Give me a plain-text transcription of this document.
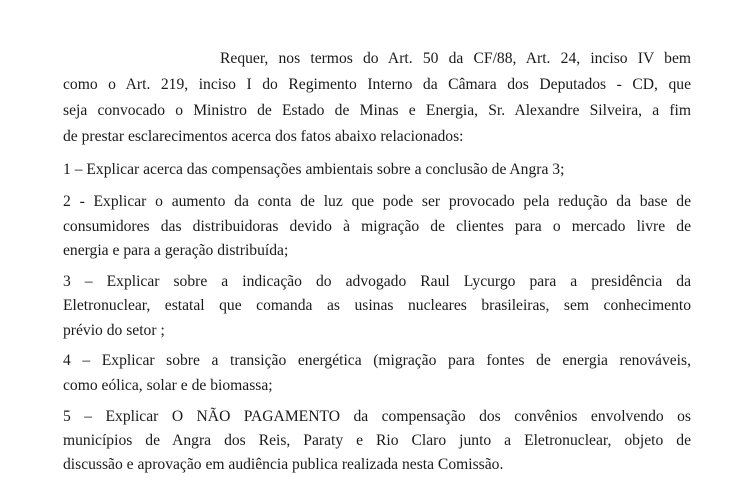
Requer, nos termos do Art. 50 da CF/88, Art. 24, inciso IV bem
como o Art. 219, inciso I do Regimento Interno da Câmara dos Deputados - CD, que
seja convocado o Ministro de Estado de Minas e Energia, Sr. Alexandre Silveira, a fim
de prestar esclarecimentos acerca dos fatos abaixo relacionados:
1 – Explicar acerca das compensações ambientais sobre a conclusão de Angra 3;
2 - Explicar o aumento da conta de luz que pode ser provocado pela redução da base de
consumidores das distribuidoras devido à migração de clientes para o mercado livre de
energia e para a geração distribuída;
3 – Explicar sobre a indicação do advogado Raul Lycurgo para a presidência da
Eletronuclear, estatal que comanda as usinas nucleares brasileiras, sem conhecimento
prévio do setor ;
4 – Explicar sobre a transição energética (migração para fontes de energia renováveis,
como eólica, solar e de biomassa;
5 – Explicar O NÃO PAGAMENTO da compensação dos convênios envolvendo os
municípios de Angra dos Reis, Paraty e Rio Claro junto a Eletronuclear, objeto de
discussão e aprovação em audiência publica realizada nesta Comissão.
